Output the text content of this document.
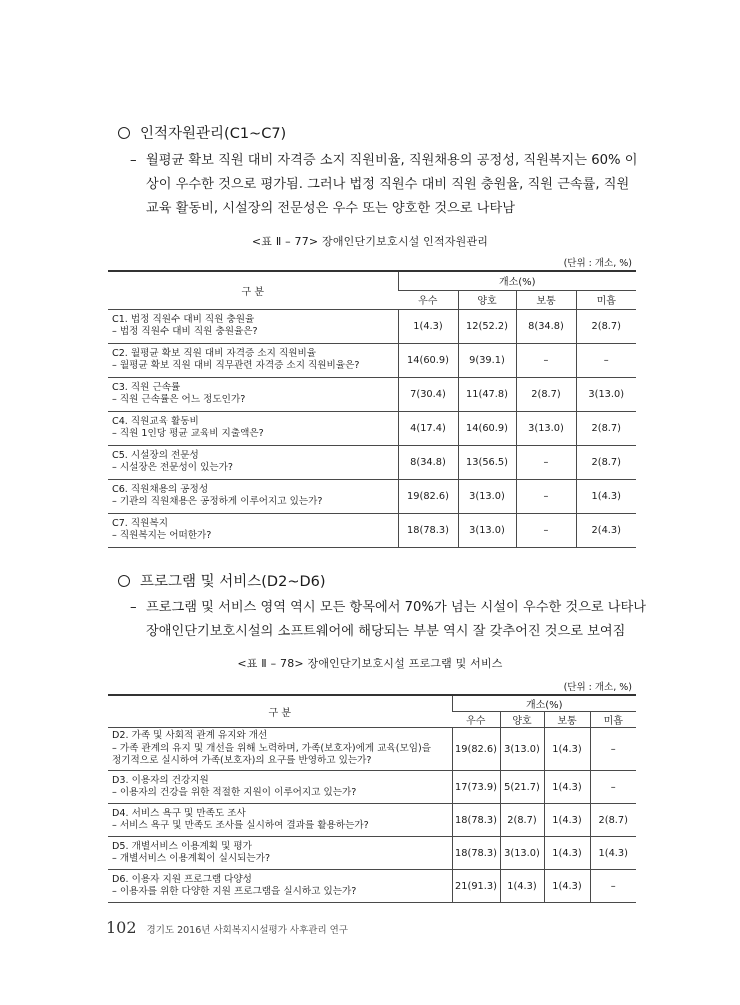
인적자원관리(C1~C7)
– 월평균 확보 직원 대비 자격증 소지 직원비율, 직원채용의 공정성, 직원복지는 60% 이
상이 우수한 것으로 평가됨. 그러나 법정 직원수 대비 직원 충원율, 직원 근속률, 직원
교육 활동비, 시설장의 전문성은 우수 또는 양호한 것으로 나타남
<표 Ⅱ – 77> 장애인단기보호시설 인적자원관리
(단위 : 개소, %)
구 분	개소(%)			
	우수	양호	보통	미흡

C1. 법정 직원수 대비 직원 충원율
– 법정 직원수 대비 직원 충원율은?	1(4.3)	12(52.2)	8(34.8)	2(8.7)

C2. 월평균 확보 직원 대비 자격증 소지 직원비율
– 월평균 확보 직원 대비 직무관련 자격증 소지 직원비율은?	14(60.9)	9(39.1)	–	–

C3. 직원 근속률
– 직원 근속률은 어느 정도인가?	7(30.4)	11(47.8)	2(8.7)	3(13.0)

C4. 직원교육 활동비
– 직원 1인당 평균 교육비 지출액은?	4(17.4)	14(60.9)	3(13.0)	2(8.7)

C5. 시설장의 전문성
– 시설장은 전문성이 있는가?	8(34.8)	13(56.5)	–	2(8.7)

C6. 직원채용의 공정성
– 기관의 직원채용은 공정하게 이루어지고 있는가?	19(82.6)	3(13.0)	–	1(4.3)

C7. 직원복지
– 직원복지는 어떠한가?	18(78.3)	3(13.0)	–	2(4.3)
프로그램 및 서비스(D2~D6)
– 프로그램 및 서비스 영역 역시 모든 항목에서 70%가 넘는 시설이 우수한 것으로 나타나
장애인단기보호시설의 소프트웨어에 해당되는 부분 역시 잘 갖추어진 것으로 보여짐
<표 Ⅱ – 78> 장애인단기보호시설 프로그램 및 서비스
(단위 : 개소, %)
구 분	개소(%)			
	우수	양호	보통	미흡

D2. 가족 및 사회적 관계 유지와 개선
– 가족 관계의 유지 및 개선을 위해 노력하며, 가족(보호자)에게 교육(모임)을
정기적으로 실시하여 가족(보호자)의 요구를 반영하고 있는가?	19(82.6)	3(13.0)	1(4.3)	–

D3. 이용자의 건강지원
– 이용자의 건강을 위한 적절한 지원이 이루어지고 있는가?	17(73.9)	5(21.7)	1(4.3)	–

D4. 서비스 욕구 및 만족도 조사
– 서비스 욕구 및 만족도 조사를 실시하여 결과를 활용하는가?	18(78.3)	2(8.7)	1(4.3)	2(8.7)

D5. 개별서비스 이용계획 및 평가
– 개별서비스 이용계획이 실시되는가?	18(78.3)	3(13.0)	1(4.3)	1(4.3)

D6. 이용자 지원 프로그램 다양성
– 이용자를 위한 다양한 지원 프로그램을 실시하고 있는가?	21(91.3)	1(4.3)	1(4.3)	–
102 경기도 2016년 사회복지시설평가 사후관리 연구
